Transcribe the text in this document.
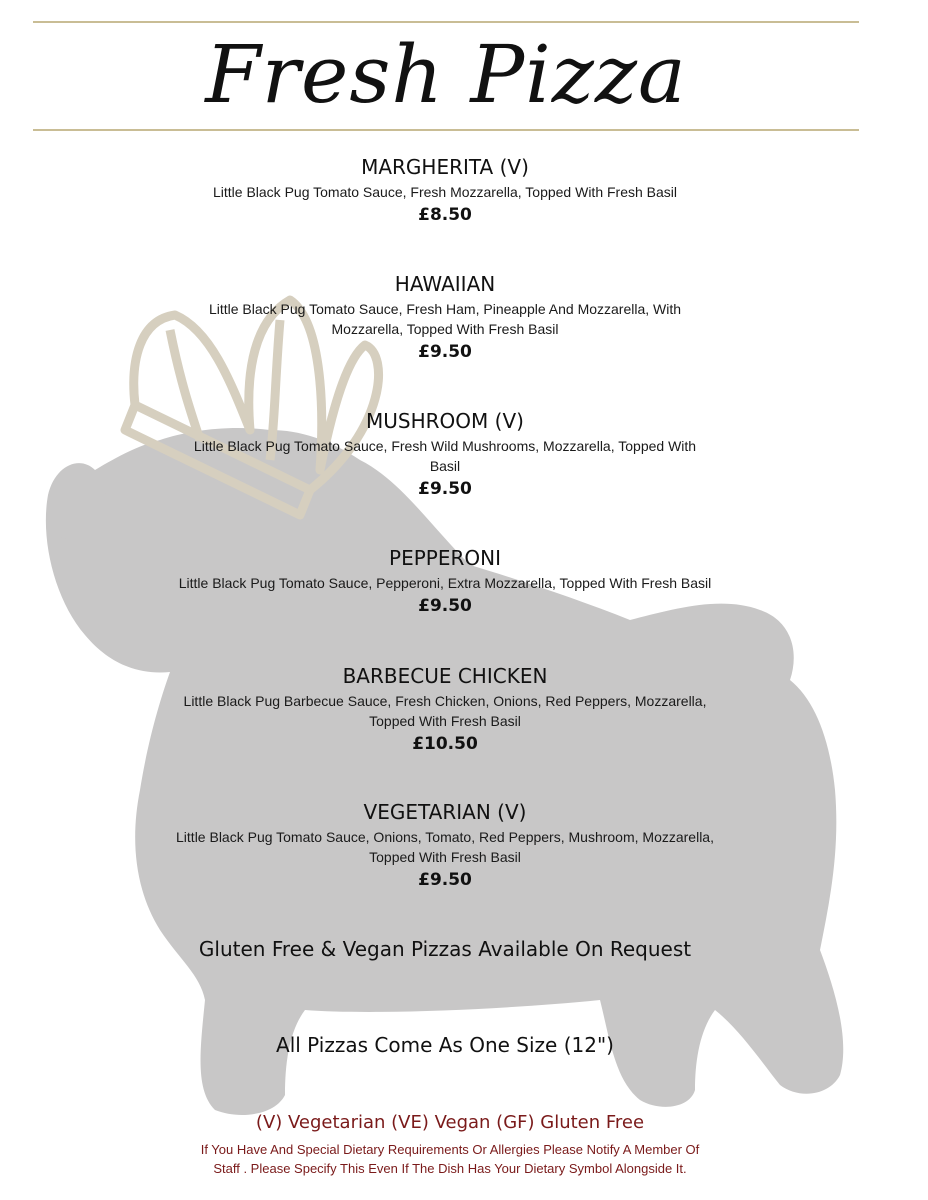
Fresh Pizza
MARGHERITA (V)
Little Black Pug Tomato Sauce, Fresh Mozzarella, Topped With Fresh Basil
£8.50
HAWAIIAN
Little Black Pug Tomato Sauce, Fresh Ham, Pineapple And Mozzarella, With
Mozzarella, Topped With Fresh Basil
£9.50
MUSHROOM (V)
Little Black Pug Tomato Sauce, Fresh Wild Mushrooms, Mozzarella, Topped With
Basil
£9.50
PEPPERONI
Little Black Pug Tomato Sauce, Pepperoni, Extra Mozzarella, Topped With Fresh Basil
£9.50
BARBECUE CHICKEN
Little Black Pug Barbecue Sauce, Fresh Chicken, Onions, Red Peppers, Mozzarella,
Topped With Fresh Basil
£10.50
VEGETARIAN (V)
Little Black Pug Tomato Sauce, Onions, Tomato, Red Peppers, Mushroom, Mozzarella,
Topped With Fresh Basil
£9.50
Gluten Free & Vegan Pizzas Available On Request
All Pizzas Come As One Size (12")
(V) Vegetarian (VE) Vegan (GF) Gluten Free
If You Have And Special Dietary Requirements Or Allergies Please Notify A Member Of
Staff . Please Specify This Even If The Dish Has Your Dietary Symbol Alongside It.
